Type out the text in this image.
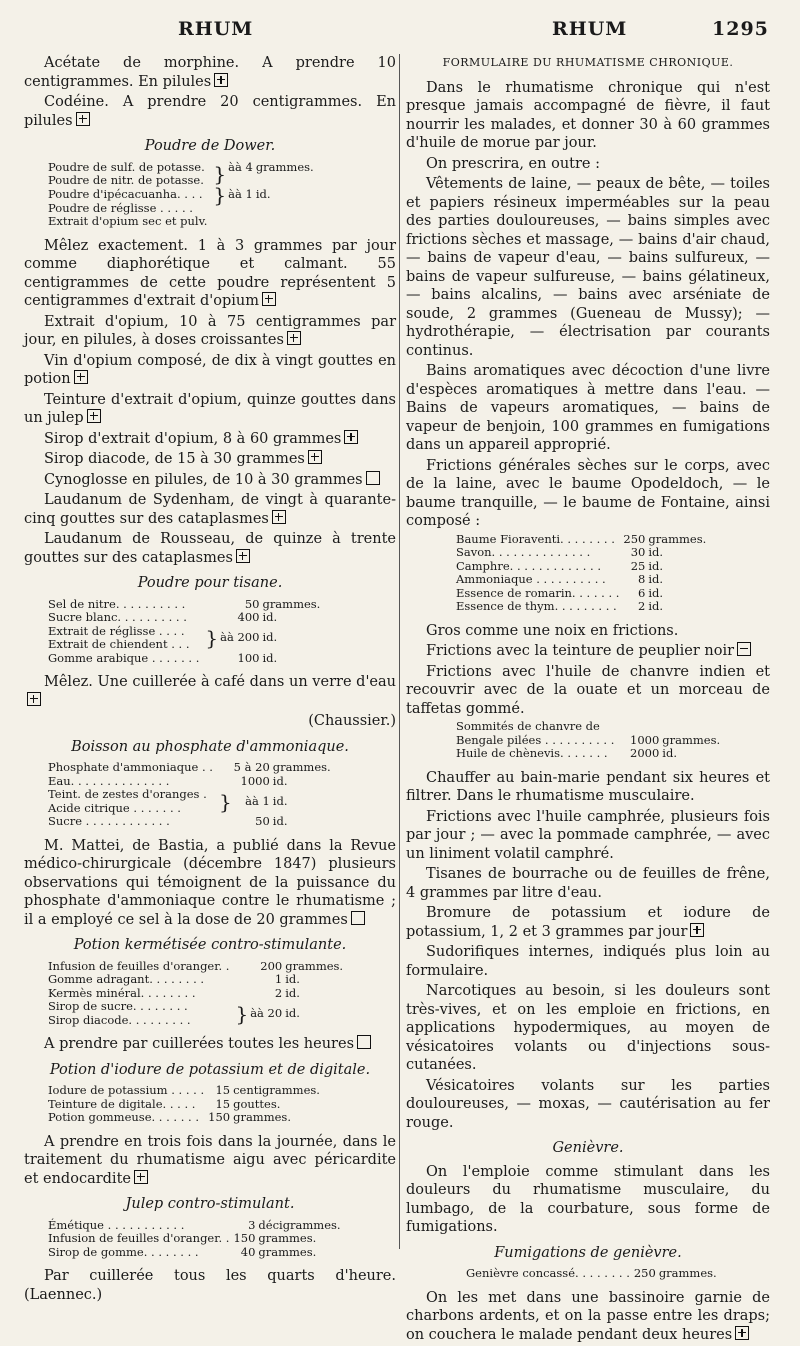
RHUM	RHUM	1295

Acétate de morphine. A prendre 10 centigrammes. En pilules

Codéine. A prendre 20 centigrammes. En pilules

Poudre de Dower.
Poudre de sulf. de potasse.	}	àà 4	grammes.
Poudre de nitr. de potasse.			
Poudre d'ipécacuanha. . . .	}	àà 1	id.
Poudre de réglisse . . . . .			
Extrait d'opium sec et pulv.			

Mêlez exactement. 1 à 3 grammes par jour comme diaphorétique et calmant. 55 centigrammes de cette poudre représentent 5 centigrammes d'extrait d'opium

Extrait d'opium, 10 à 75 centigrammes par jour, en pilules, à doses croissantes

Vin d'opium composé, de dix à vingt gouttes en potion

Teinture d'extrait d'opium, quinze gouttes dans un julep

Sirop d'extrait d'opium, 8 à 60 grammes

Sirop diacode, de 15 à 30 grammes

Cynoglosse en pilules, de 10 à 30 grammes

Laudanum de Sydenham, de vingt à quarante-cinq gouttes sur des cataplasmes

Laudanum de Rousseau, de quinze à trente gouttes sur des cataplasmes

Poudre pour tisane.
Sel de nitre. . . . . . . . . .		50	grammes.
Sucre blanc. . . . . . . . . .		400	id.
Extrait de réglisse . . . .	}	àà 200	id.
Extrait de chiendent . . .			
Gomme arabique . . . . . . .		100	id.

Mêlez. Une cuillerée à café dans un verre d'eau

(Chaussier.)

Boisson au phosphate d'ammoniaque.
Phosphate d'ammoniaque . .		5 à 20	grammes.
Eau. . . . . . . . . . . . . .		1000	id.
Teint. de zestes d'oranges .	}	àà 1	id.
Acide citrique . . . . . . .			
Sucre . . . . . . . . . . . .		50	id.

M. Mattei, de Bastia, a publié dans la Revue médico-chirurgicale (décembre 1847) plusieurs observations qui témoignent de la puissance du phosphate d'ammoniaque contre le rhumatisme ; il a employé ce sel à la dose de 20 grammes

Potion kermétisée contro-stimulante.
Infusion de feuilles d'oranger. .		200	grammes.
Gomme adragant. . . . . . . .		1	id.
Kermès minéral. . . . . . . .		2	id.
Sirop de sucre. . . . . . . .	}	àà 20	id.
Sirop diacode. . . . . . . . .			

A prendre par cuillerées toutes les heures

Potion d'iodure de potassium et de digitale.
Iodure de potassium . . . . .	15	centigrammes.
Teinture de digitale. . . . .	15	gouttes.
Potion gommeuse. . . . . . .	150	grammes.

A prendre en trois fois dans la journée, dans le traitement du rhumatisme aigu avec péricardite et endocardite

Julep contro-stimulant.
Émétique . . . . . . . . . . .	3	décigrammes.
Infusion de feuilles d'oranger. .	150	grammes.
Sirop de gomme. . . . . . . .	40	grammes.

Par cuillerée tous les quarts d'heure. (Laennec.)

FORMULAIRE DU RHUMATISME CHRONIQUE.

Dans le rhumatisme chronique qui n'est presque jamais accompagné de fièvre, il faut nourrir les malades, et donner 30 à 60 grammes d'huile de morue par jour.

On prescrira, en outre :

Vêtements de laine, — peaux de bête, — toiles et papiers résineux imperméables sur la peau des parties douloureuses, — bains simples avec frictions sèches et massage, — bains d'air chaud, — bains de vapeur d'eau, — bains sulfureux, — bains de vapeur sulfureuse, — bains gélatineux, — bains alcalins, — bains avec arséniate de soude, 2 grammes (Gueneau de Mussy); — hydrothérapie, — électrisation par courants continus.

Bains aromatiques avec décoction d'une livre d'espèces aromatiques à mettre dans l'eau. — Bains de vapeurs aromatiques, — bains de vapeur de benjoin, 100 grammes en fumigations dans un appareil approprié.

Frictions générales sèches sur le corps, avec de la laine, avec le baume Opodeldoch, — le baume tranquille, — le baume de Fontaine, ainsi composé :

Baume Fioraventi. . . . . . . .	250	grammes.
Savon. . . . . . . . . . . . . .	30	id.
Camphre. . . . . . . . . . . . .	25	id.
Ammoniaque . . . . . . . . . .	8	id.
Essence de romarin. . . . . . .	6	id.
Essence de thym. . . . . . . . .	2	id.

Gros comme une noix en frictions.

Frictions avec la teinture de peuplier noir

Frictions avec l'huile de chanvre indien et recouvrir avec de la ouate et un morceau de taffetas gommé.

Sommités de chanvre de Bengale pilées . . . . . . . . . .	1000	grammes.
Huile de chènevis. . . . . . .	2000	id.

Chauffer au bain-marie pendant six heures et filtrer. Dans le rhumatisme musculaire.

Frictions avec l'huile camphrée, plusieurs fois par jour ; — avec la pommade camphrée, — avec un liniment volatil camphré.

Tisanes de bourrache ou de feuilles de frêne, 4 grammes par litre d'eau.

Bromure de potassium et iodure de potassium, 1, 2 et 3 grammes par jour

Sudorifiques internes, indiqués plus loin au formulaire.

Narcotiques au besoin, si les douleurs sont très-vives, et on les emploie en frictions, en applications hypodermiques, au moyen de vésicatoires volants ou d'injections sous-cutanées.

Vésicatoires volants sur les parties douloureuses, — moxas, — cautérisation au fer rouge.

Genièvre.

On l'emploie comme stimulant dans les douleurs du rhumatisme musculaire, du lumbago, de la courbature, sous forme de fumigations.

Fumigations de genièvre.
Genièvre concassé. . . . . . . .	250	grammes.

On les met dans une bassinoire garnie de charbons ardents, et on la passe entre les draps; on couchera le malade pendant deux heures
